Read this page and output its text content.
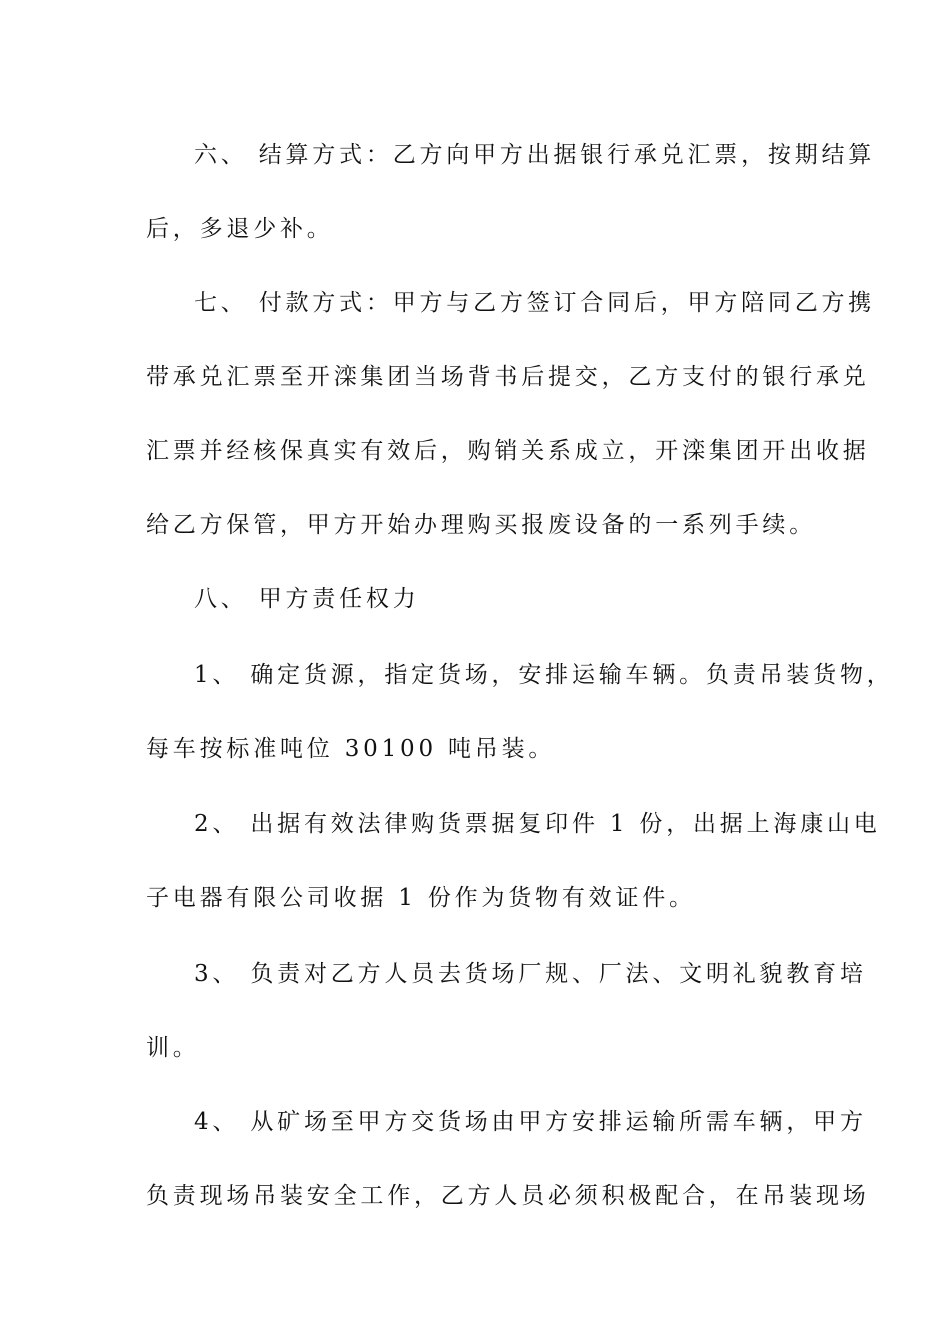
六、 结算方式：乙方向甲方出据银行承兑汇票，按期结算
后，多退少补。
七、 付款方式：甲方与乙方签订合同后，甲方陪同乙方携
带承兑汇票至开滦集团当场背书后提交，乙方支付的银行承兑
汇票并经核保真实有效后，购销关系成立，开滦集团开出收据
给乙方保管，甲方开始办理购买报废设备的一系列手续。
八、 甲方责任权力
1、 确定货源，指定货场，安排运输车辆。负责吊装货物，
每车按标准吨位 30100 吨吊装。
2、 出据有效法律购货票据复印件 1 份，出据上海康山电
子电器有限公司收据 1 份作为货物有效证件。
3、 负责对乙方人员去货场厂规、厂法、文明礼貌教育培
训。
4、 从矿场至甲方交货场由甲方安排运输所需车辆，甲方
负责现场吊装安全工作，乙方人员必须积极配合，在吊装现场
